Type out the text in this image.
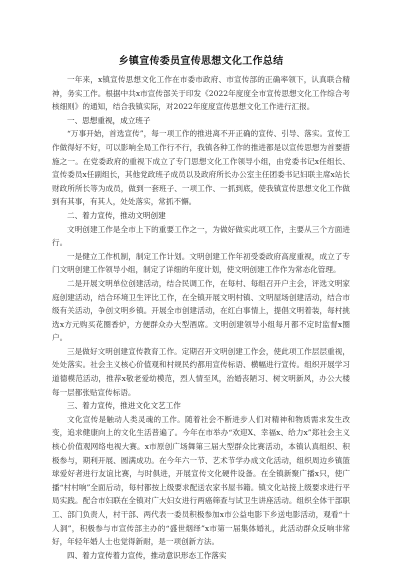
乡镇宣传委员宣传思想文化工作总结

一年来，x镇宣传思想文化工作在市委市政府、市宣传部的正确率领下，认真联合精神，务实工作。根据中共x市宣传部关于印发《2022年度度全市宣传思想文化工作综合考核细则》的通知，结合我镇实际，对2022年度度宣传思想文化工作进行汇报。

一、思想重视，成立班子

“万事开始，首选宣传”，每一项工作的推进离不开正确的宣传、引导、落实。宣传工作做得好不好，可以影响全局工作行不行，我镇各种工作的推进都是以宣传思想为首要措施之一。在党委政府的重视下成立了专门思想文化工作领导小组，由党委书记x任组长、宣传委员x任副组长，其他党政班子成员以及政府所长办公室主任团委书记妇联主席x站长财政所所长等为成员，做到一套班子、一项工作、一抓到底，使我镇宣传思想文化工作做到有其事，有其人，处处落实，常抓不懈。

二、着力宣传，推动文明创建

文明创建工作是全市上下的重要工作之一，为做好做实此项工作，主要从三个方面进行。

一是健立工作机制，制定工作计划。文明创建工作年初受委政府高度重视，成立了专门文明创建工作领导小组，制定了详细的年度计划，使文明创建工作作为常态化管理。

二是开展文明单位创建活动，结合民调工作，在每村、每组召开户主会，评选文明家庭创建活动，结合环境卫生评比工作，在全镇开展文明村镇、文明屋场创建活动，结合市级有关活动，争创文明乡镇。开展全市创建活动，在红白事情上，提倡文明着装，每村挑选x方元购买花圈香炉，方便群众办大型酒席。文明创建领导小组每月都不定时监督x圈户。

三是做好文明创建宣传教育工作。定期召开文明创建工作会，使此项工作层层重视，处处落实。社会主义核心价值观和村规民约都用宣传标语、横幅进行宣传。组织开展学习道德模范活动，推荐x敬老爱幼模范，烈人情至风，治婚丧陋习、树文明新风，办公大楼每一层都张贴宣传标语。

三、着力宣传，推进文化文艺工作

文化宣传是触动人类灵魂的工作。随着社会不断进步人们对精神和物质需求发生改变，追求健康向上的文化生活普遍了。今年在市举办“欢迎X、幸福x、给力x”郑社会主义核心价值观网络电视大赛。x市原创广场舞第三届大型群众比赛活动，本镇认真组织、积极参与，期利开展、圆满成功。在今年六一节、艺术节学办成文化活动，组织周边乡镇篮球爱好者进行友谊比赛，与时俱进，开展宣传文化硬件设备。在全镇新聚广播x只，使广播“村村响”全面后动，每村都按上级要求配送农家书屋书籍。镇文化站接上级要求进行平局实践。配合市妇联在全镇对广大妇女进行两癌筛查与试卫生讲座活动。组织全体干部职工、部门负责人，村干部、两代表一委员积极参加x市公益电影下乡送电影活动，观看“十人洞”，积极参与市宣传部主办的“盛世烟绎”x市第一届集体婚礼，此活动群众反响非常好，年轻年婚人士也觉得新耐，是一项创新方法。

四、着力宣传着力宣传，推动意识形态工作落实
